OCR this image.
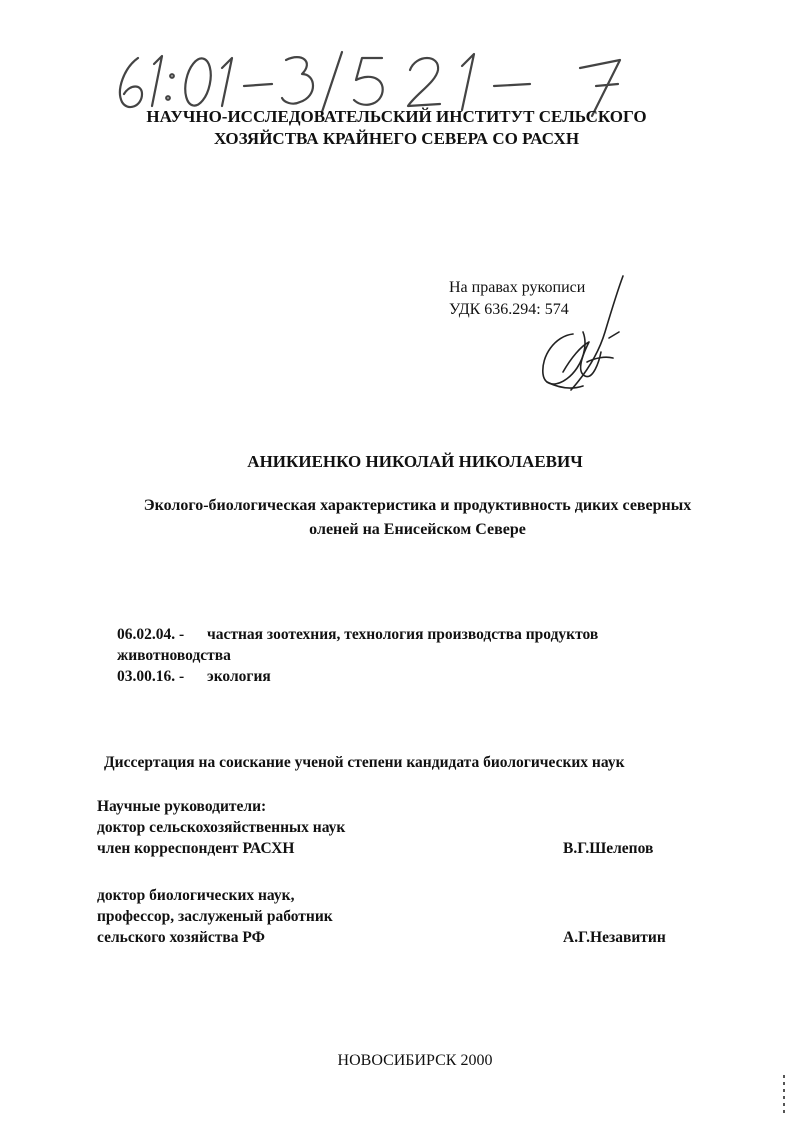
НАУЧНО-ИССЛЕДОВАТЕЛЬСКИЙ ИНСТИТУТ СЕЛЬСКОГО
ХОЗЯЙСТВА КРАЙНЕГО СЕВЕРА СО РАСХН
На правах рукописи
УДК 636.294: 574
АНИКИЕНКО НИКОЛАЙ НИКОЛАЕВИЧ
Эколого-биологическая характеристика и продуктивность диких северных
оленей на Енисейском Севере
06.02.04. - частная зоотехния, технология производства продуктов
животноводства
03.00.16. - экология
Диссертация на соискание ученой степени кандидата биологических наук
Научные руководители:
доктор сельскохозяйственных наук
член корреспондент РАСХН	В.Г.Шелепов
доктор биологических наук,
профессор, заслуженый работник
сельского хозяйства РФ	А.Г.Незавитин
НОВОСИБИРСК 2000
